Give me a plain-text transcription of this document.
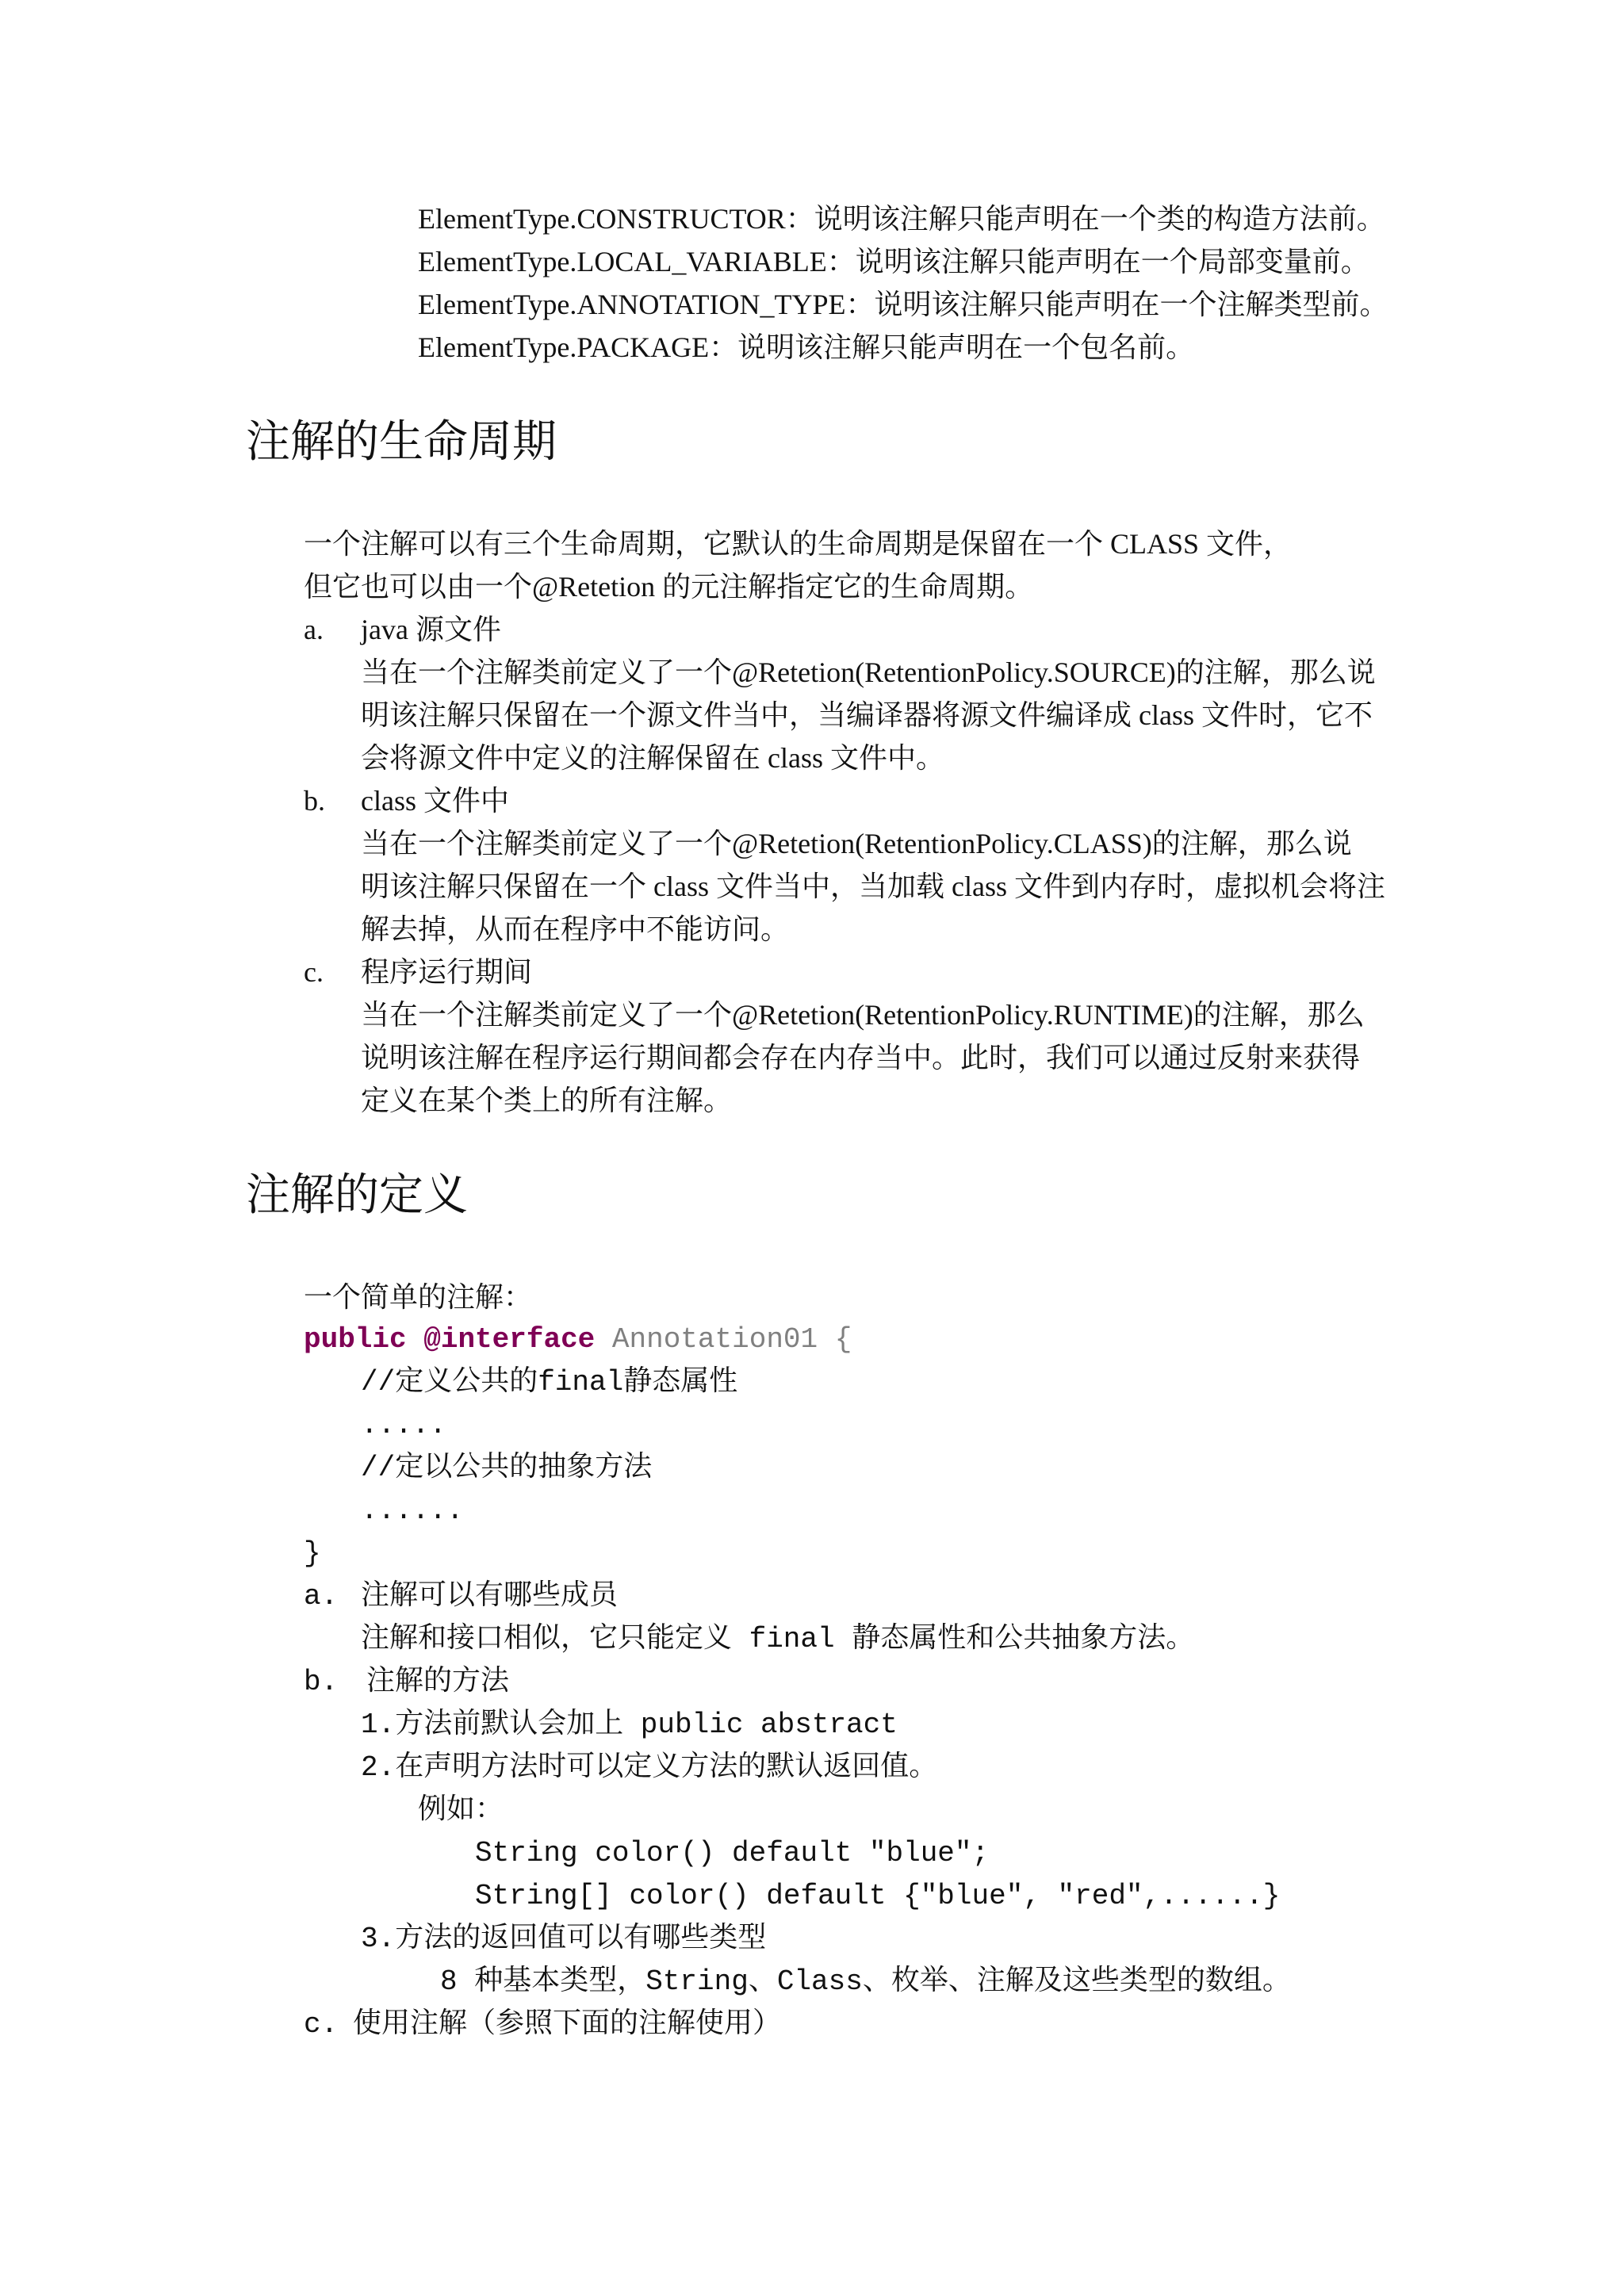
ElementType.CONSTRUCTOR：说明该注解只能声明在一个类的构造方法前。
ElementType.LOCAL_VARIABLE：说明该注解只能声明在一个局部变量前。
ElementType.ANNOTATION_TYPE：说明该注解只能声明在一个注解类型前。
ElementType.PACKAGE：说明该注解只能声明在一个包名前。
注解的生命周期
一个注解可以有三个生命周期，它默认的生命周期是保留在一个 CLASS 文件，
但它也可以由一个@Retetion 的元注解指定它的生命周期。
a. java 源文件
当在一个注解类前定义了一个@Retetion(RetentionPolicy.SOURCE)的注解，那么说
明该注解只保留在一个源文件当中，当编译器将源文件编译成 class 文件时，它不
会将源文件中定义的注解保留在 class 文件中。
b. class 文件中
当在一个注解类前定义了一个@Retetion(RetentionPolicy.CLASS)的注解，那么说
明该注解只保留在一个 class 文件当中，当加载 class 文件到内存时，虚拟机会将注
解去掉，从而在程序中不能访问。
c. 程序运行期间
当在一个注解类前定义了一个@Retetion(RetentionPolicy.RUNTIME)的注解，那么
说明该注解在程序运行期间都会存在内存当中。此时，我们可以通过反射来获得
定义在某个类上的所有注解。
注解的定义
一个简单的注解：
public @interface Annotation01 {
//定义公共的final静态属性
.....
//定以公共的抽象方法
......
}
a. 注解可以有哪些成员
注解和接口相似，它只能定义 final 静态属性和公共抽象方法。
b. 注解的方法
1.方法前默认会加上 public abstract
2.在声明方法时可以定义方法的默认返回值。
例如：
String color() default "blue";
String[] color() default {"blue", "red",......}
3.方法的返回值可以有哪些类型
8 种基本类型，String、Class、枚举、注解及这些类型的数组。
c. 使用注解（参照下面的注解使用）
